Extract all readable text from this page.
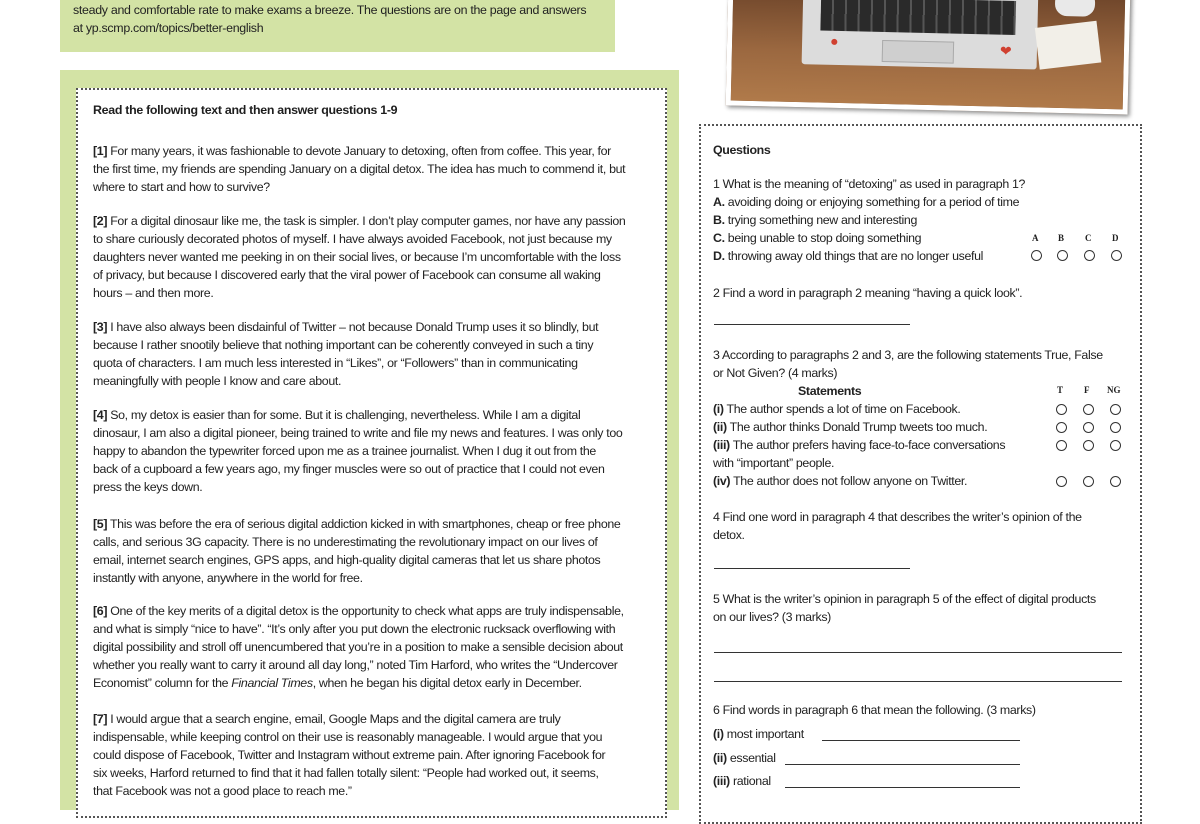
steady and comfortable rate to make exams a breeze. The questions are on the page and answers
at yp.scmp.com/topics/better-english
●
❤
Read the following text and then answer questions 1-9
[1] For many years, it was fashionable to devote January to detoxing, often from coffee. This year, for
the first time, my friends are spending January on a digital detox. The idea has much to commend it, but
where to start and how to survive?
[2] For a digital dinosaur like me, the task is simpler. I don’t play computer games, nor have any passion
to share curiously decorated photos of myself. I have always avoided Facebook, not just because my
daughters never wanted me peeking in on their social lives, or because I’m uncomfortable with the loss
of privacy, but because I discovered early that the viral power of Facebook can consume all waking
hours – and then more.
[3] I have also always been disdainful of Twitter – not because Donald Trump uses it so blindly, but
because I rather snootily believe that nothing important can be coherently conveyed in such a tiny
quota of characters. I am much less interested in “Likes”, or “Followers” than in communicating
meaningfully with people I know and care about.
[4] So, my detox is easier than for some. But it is challenging, nevertheless. While I am a digital
dinosaur, I am also a digital pioneer, being trained to write and file my news and features. I was only too
happy to abandon the typewriter forced upon me as a trainee journalist. When I dug it out from the
back of a cupboard a few years ago, my finger muscles were so out of practice that I could not even
press the keys down.
[5] This was before the era of serious digital addiction kicked in with smartphones, cheap or free phone
calls, and serious 3G capacity. There is no underestimating the revolutionary impact on our lives of
email, internet search engines, GPS apps, and high-quality digital cameras that let us share photos
instantly with anyone, anywhere in the world for free.
[6] One of the key merits of a digital detox is the opportunity to check what apps are truly indispensable,
and what is simply “nice to have”. “It’s only after you put down the electronic rucksack overflowing with
digital possibility and stroll off unencumbered that you’re in a position to make a sensible decision about
whether you really want to carry it around all day long,” noted Tim Harford, who writes the “Undercover
Economist” column for the Financial Times, when he began his digital detox early in December.
[7] I would argue that a search engine, email, Google Maps and the digital camera are truly
indispensable, while keeping control on their use is reasonably manageable. I would argue that you
could dispose of Facebook, Twitter and Instagram without extreme pain. After ignoring Facebook for
six weeks, Harford returned to find that it had fallen totally silent: “People had worked out, it seems,
that Facebook was not a good place to reach me.”
Questions
1 What is the meaning of “detoxing” as used in paragraph 1?
A. avoiding doing or enjoying something for a period of time
B. trying something new and interesting
C. being unable to stop doing something
D. throwing away old things that are no longer useful
A B C D
2 Find a word in paragraph 2 meaning “having a quick look”.
3 According to paragraphs 2 and 3, are the following statements True, False
or Not Given? (4 marks)
Statements	T F NG
(i) The author spends a lot of time on Facebook.
(ii) The author thinks Donald Trump tweets too much.
(iii) The author prefers having face-to-face conversations
with “important” people.
(iv) The author does not follow anyone on Twitter.
4 Find one word in paragraph 4 that describes the writer’s opinion of the
detox.
5 What is the writer’s opinion in paragraph 5 of the effect of digital products
on our lives? (3 marks)
6 Find words in paragraph 6 that mean the following. (3 marks)
(i) most important
(ii) essential
(iii) rational
